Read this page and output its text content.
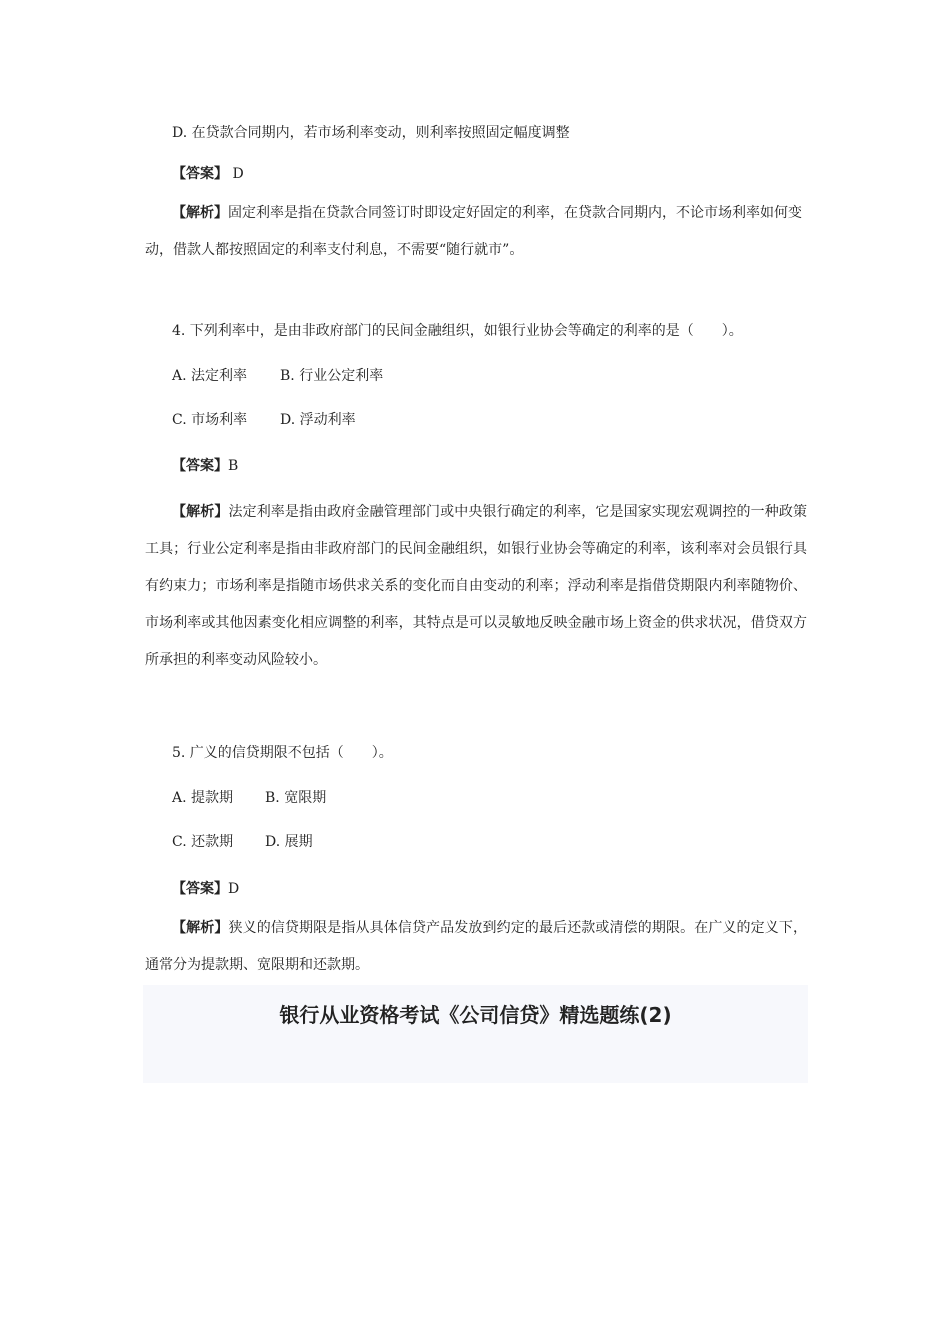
D. 在贷款合同期内，若市场利率变动，则利率按照固定幅度调整
【答案】 D
【解析】固定利率是指在贷款合同签订时即设定好固定的利率，在贷款合同期内，不论市场利率如何变动，借款人都按照固定的利率支付利息，不需要“随行就市”。
4. 下列利率中，是由非政府部门的民间金融组织，如银行业协会等确定的利率的是（　　）。
A. 法定利率 B. 行业公定利率
C. 市场利率 D. 浮动利率
【答案】B
【解析】法定利率是指由政府金融管理部门或中央银行确定的利率，它是国家实现宏观调控的一种政策工具；行业公定利率是指由非政府部门的民间金融组织，如银行业协会等确定的利率，该利率对会员银行具有约束力；市场利率是指随市场供求关系的变化而自由变动的利率；浮动利率是指借贷期限内利率随物价、市场利率或其他因素变化相应调整的利率，其特点是可以灵敏地反映金融市场上资金的供求状况，借贷双方所承担的利率变动风险较小。
5. 广义的信贷期限不包括（　　）。
A. 提款期 B. 宽限期
C. 还款期 D. 展期
【答案】D
【解析】狭义的信贷期限是指从具体信贷产品发放到约定的最后还款或清偿的期限。在广义的定义下，通常分为提款期、宽限期和还款期。
银行从业资格考试《公司信贷》精选题练(2)
